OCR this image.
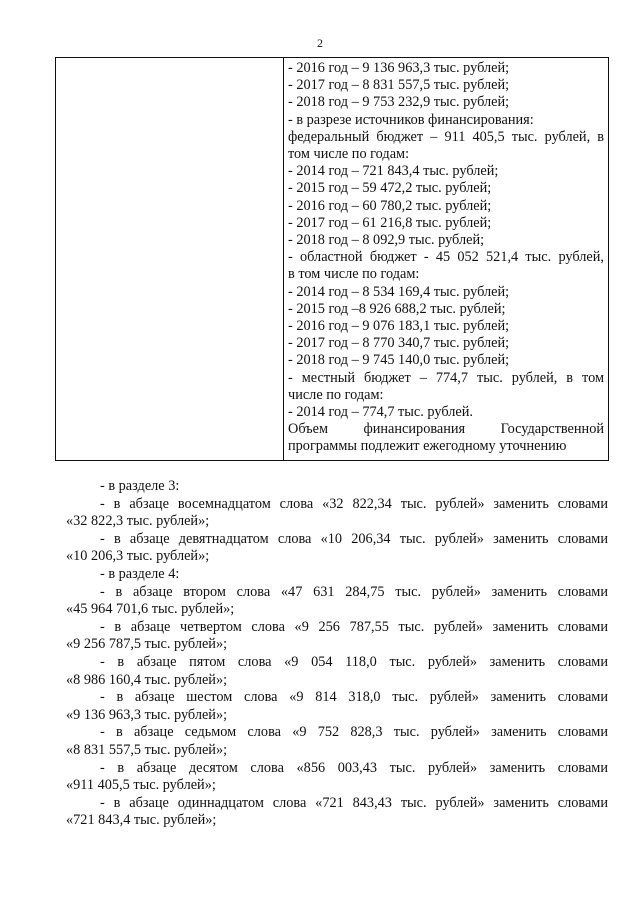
2
- 2016 год – 9 136 963,3 тыс. рублей;
- 2017 год – 8 831 557,5 тыс. рублей;
- 2018 год – 9 753 232,9 тыс. рублей;
- в разрезе источников финансирования:
федеральный бюджет – 911 405,5 тыс. рублей, в
том числе по годам:
- 2014 год – 721 843,4 тыс. рублей;
- 2015 год – 59 472,2 тыс. рублей;
- 2016 год – 60 780,2 тыс. рублей;
- 2017 год – 61 216,8 тыс. рублей;
- 2018 год – 8 092,9 тыс. рублей;
- областной бюджет - 45 052 521,4 тыс. рублей,
в том числе по годам:
- 2014 год – 8 534 169,4 тыс. рублей;
- 2015 год –8 926 688,2 тыс. рублей;
- 2016 год – 9 076 183,1 тыс. рублей;
- 2017 год – 8 770 340,7 тыс. рублей;
- 2018 год – 9 745 140,0 тыс. рублей;
- местный бюджет – 774,7 тыс. рублей, в том
числе по годам:
- 2014 год – 774,7 тыс. рублей.
Объем финансирования Государственной
программы подлежит ежегодному уточнению
- в разделе 3:
- в абзаце восемнадцатом слова «32 822,34 тыс. рублей» заменить словами
«32 822,3 тыс. рублей»;
- в абзаце девятнадцатом слова «10 206,34 тыс. рублей» заменить словами
«10 206,3 тыс. рублей»;
- в разделе 4:
- в абзаце втором слова «47 631 284,75 тыс. рублей» заменить словами
«45 964 701,6 тыс. рублей»;
- в абзаце четвертом слова «9 256 787,55 тыс. рублей» заменить словами
«9 256 787,5 тыс. рублей»;
- в абзаце пятом слова «9 054 118,0 тыс. рублей» заменить словами
«8 986 160,4 тыс. рублей»;
- в абзаце шестом слова «9 814 318,0 тыс. рублей» заменить словами
«9 136 963,3 тыс. рублей»;
- в абзаце седьмом слова «9 752 828,3 тыс. рублей» заменить словами
«8 831 557,5 тыс. рублей»;
- в абзаце десятом слова «856 003,43 тыс. рублей» заменить словами
«911 405,5 тыс. рублей»;
- в абзаце одиннадцатом слова «721 843,43 тыс. рублей» заменить словами
«721 843,4 тыс. рублей»;
